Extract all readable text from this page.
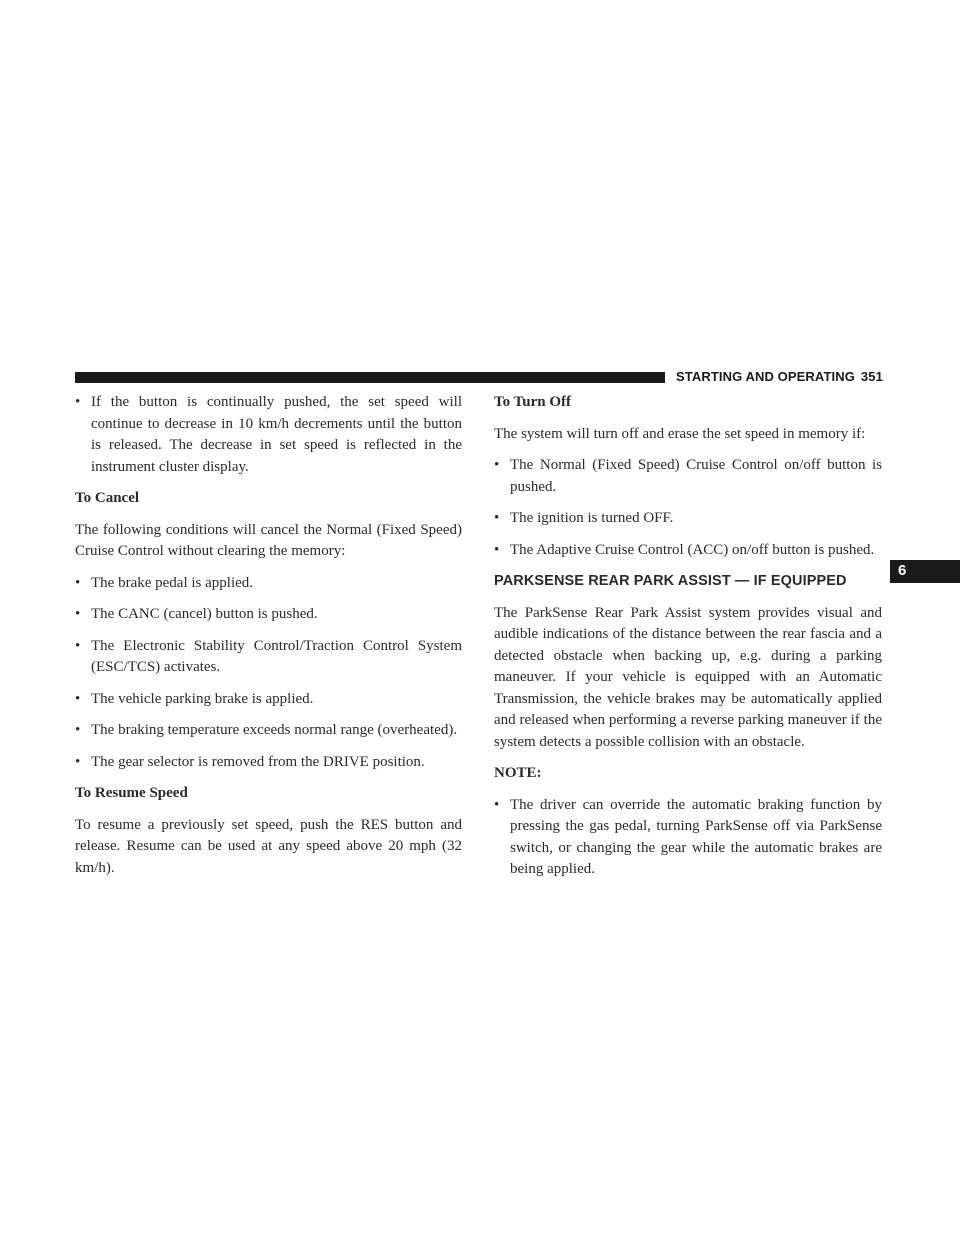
STARTING AND OPERATING 351
6
• If the button is continually pushed, the set speed will continue to decrease in 10 km/h decrements until the button is released. The decrease in set speed is reflected in the instrument cluster display.
To Cancel

The following conditions will cancel the Normal (Fixed Speed) Cruise Control without clearing the memory:

• The brake pedal is applied.
• The CANC (cancel) button is pushed.
• The Electronic Stability Control/Traction Control System (ESC/TCS) activates.
• The vehicle parking brake is applied.
• The braking temperature exceeds normal range (overheated).
• The gear selector is removed from the DRIVE position.
To Resume Speed

To resume a previously set speed, push the RES button and release. Resume can be used at any speed above 20 mph (32 km/h).

To Turn Off

The system will turn off and erase the set speed in memory if:

• The Normal (Fixed Speed) Cruise Control on/off button is pushed.
• The ignition is turned OFF.
• The Adaptive Cruise Control (ACC) on/off button is pushed.
PARKSENSE REAR PARK ASSIST — IF EQUIPPED

The ParkSense Rear Park Assist system provides visual and audible indications of the distance between the rear fascia and a detected obstacle when backing up, e.g. during a parking maneuver. If your vehicle is equipped with an Automatic Transmission, the vehicle brakes may be automatically applied and released when performing a reverse parking maneuver if the system detects a possible collision with an obstacle.

NOTE:
• The driver can override the automatic braking function by pressing the gas pedal, turning ParkSense off via ParkSense switch, or changing the gear while the automatic brakes are being applied.
